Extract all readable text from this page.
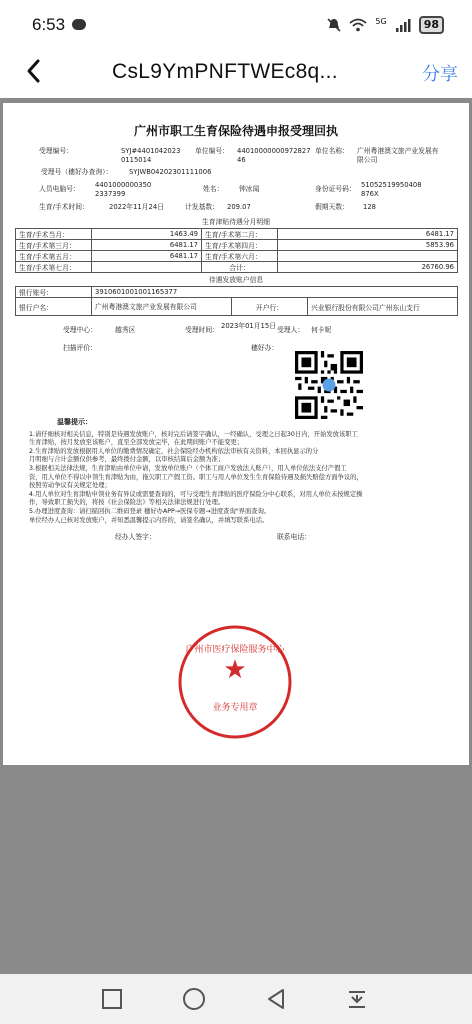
6:53	5G	98
CsL9YmPNFTWEc8q...	分享
广州市职工生育保险待遇申报受理回执
受理编号：	SYJ#4401042023 0115014
单位编号： 44010000000972827 46
单位名称： 广州粤港澳文旅产业发展有限公司
受理号（穗好办查询）： SYJWB04202301111006
人员电脑号： 4401000000350 2337399
姓名： 钟冰闻	身份证号码： 51052519950408 876X
生育/手术时间：	2022年11月24日	计发基数： 209.07	假期天数： 128
生育津贴待遇分月明细
生育/手术当月：	1463.49	生育/手术第二月：	6481.17
生育/手术第三月：	6481.17	生育/手术第四月：	5853.96
生育/手术第五月：	6481.17	生育/手术第六月：	
生育/手术第七月：		合计：	26760.96
待遇发放账户信息
银行账号：	3910601001001165377		
银行户名：	广州粤港澳文旅产业发展有限公司	开户行：	兴业银行股份有限公司广州东山支行
受理中心：	越秀区	受理时间： 2023年01月15日 受理人： 何卡妮
扫描评价：	穗好办：
温馨提示：
1.请仔细核对相关信息，特别是待遇发放账户，核对完后请签字确认，一经确认，受理之日起30日内，开始发放该职工
生育津贴，按月发放至该账户，直至全部发放完毕，在此期间账户不能变更；
2.生育津贴的发放根据用人单位的缴费情况确定，社会保险经办机构依法审核有关资料，本回执显示的分
月明细与合计金额仅供参考，最终拨付金额，以审核结算后金额为准；
3.根据相关法律法规，生育津贴由单位申请，发放单位账户（个体工商户发放法人账户），用人单位依法支付产假工
资，用人单位不得以申领生育津贴为由，拖欠职工产假工资。职工与用人单位发生生育保险待遇及损失赔偿方面争议的，
按照劳动争议有关规定处理；
4.用人单位对生育津贴申领业务有异议或需要查询的，可与受理生育津贴的医疗保险分中心联系，对用人单位未按规定操
作，导致职工损失的，将按《社会保险法》等相关法律法规进行处理。
5.办理进度查询：请扫描回执二维码登录 穗好办APP→医保专题→进度查询"界面查询。
单位经办人已核对发放账户，并知悉温馨提示内容的，请签名确认，并填写联系电话。
经办人签字：	联系电话：
★
广州市医疗保险服务中心
业务专用章
